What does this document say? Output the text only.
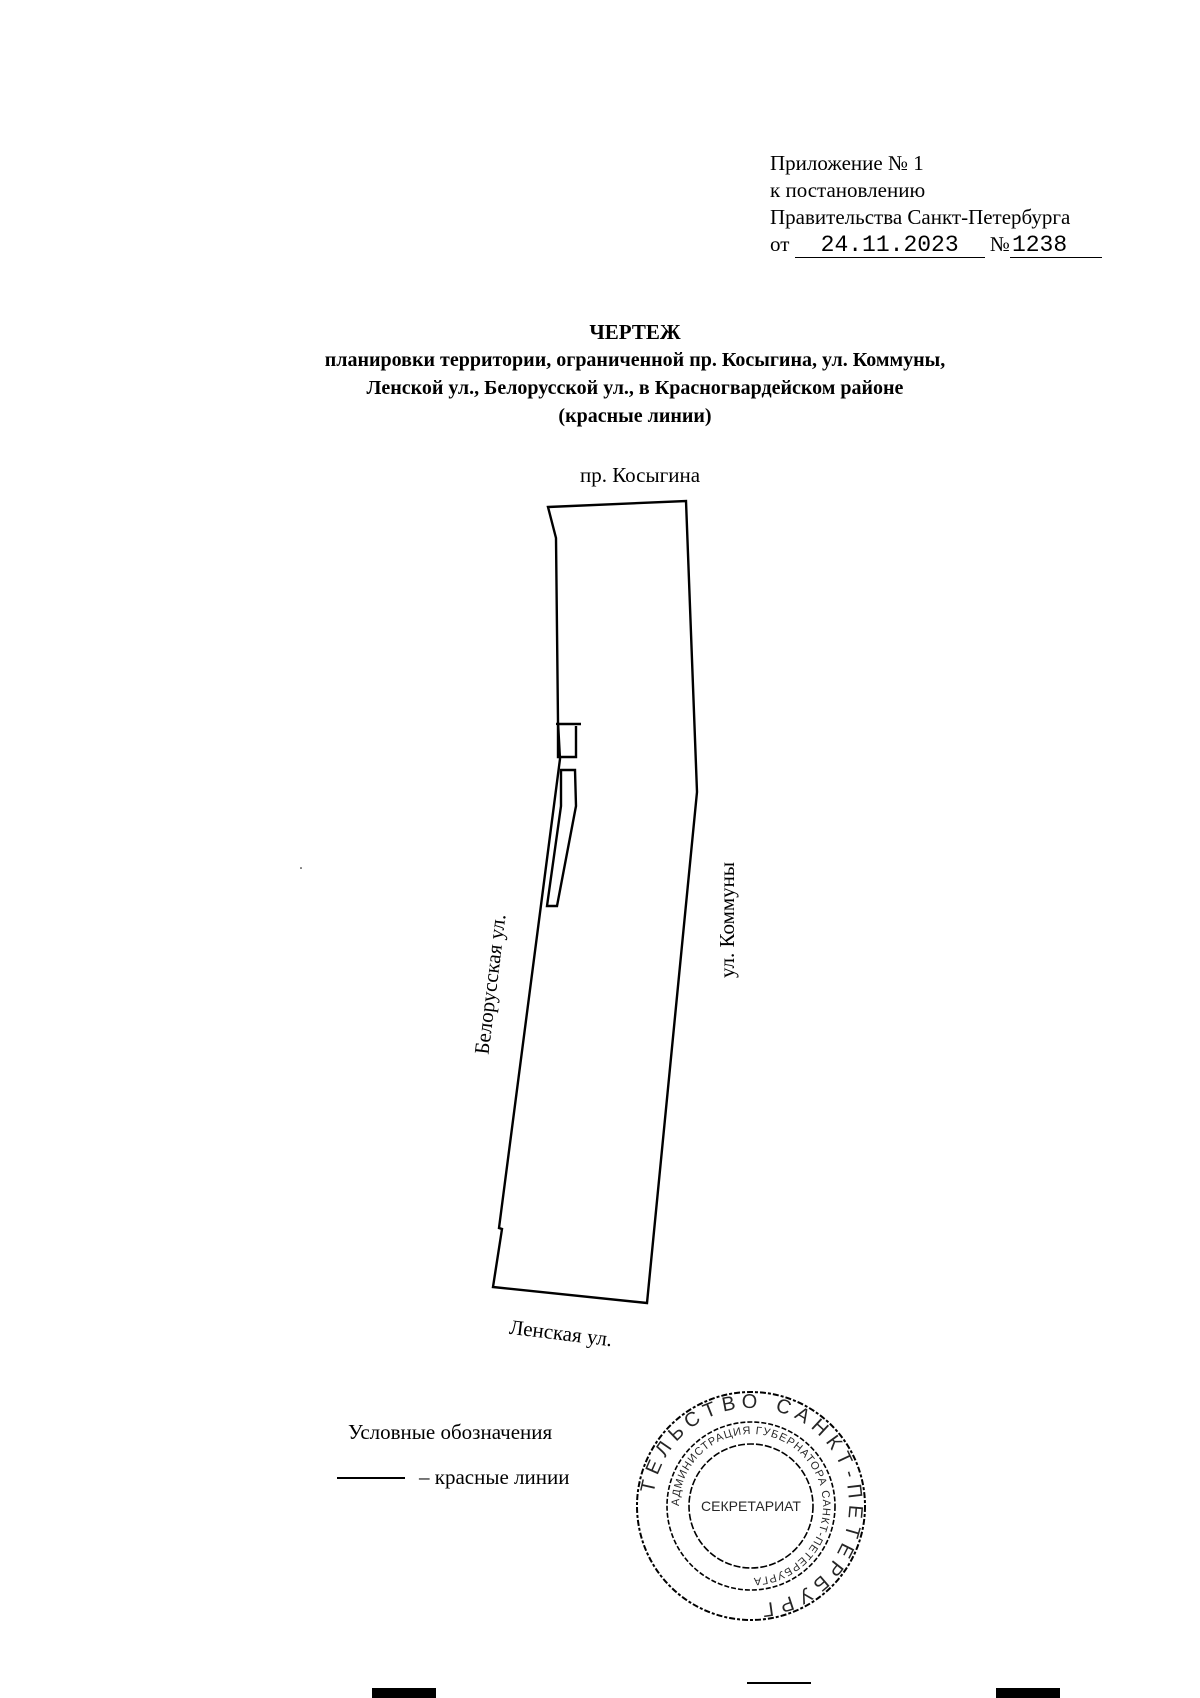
Приложение № 1
к постановлению
Правительства Санкт-Петербурга
от 24.11.2023 №1238
ЧЕРТЕЖ
планировки территории, ограниченной пр. Косыгина, ул. Коммуны,
Ленской ул., Белорусской ул., в Красногвардейском районе
(красные линии)
пр. Косыгина
Белорусская ул.	ул. Коммуны
Ленская ул.
Условные обозначения
– красные линии	ТЕЛЬСТВО САНКТ-ПЕТЕРБУРГ
АДМИНИСТРАЦИЯ ГУБЕРНАТОРА САНКТ-ПЕТЕРБУРГА
СЕКРЕТАРИАТ
